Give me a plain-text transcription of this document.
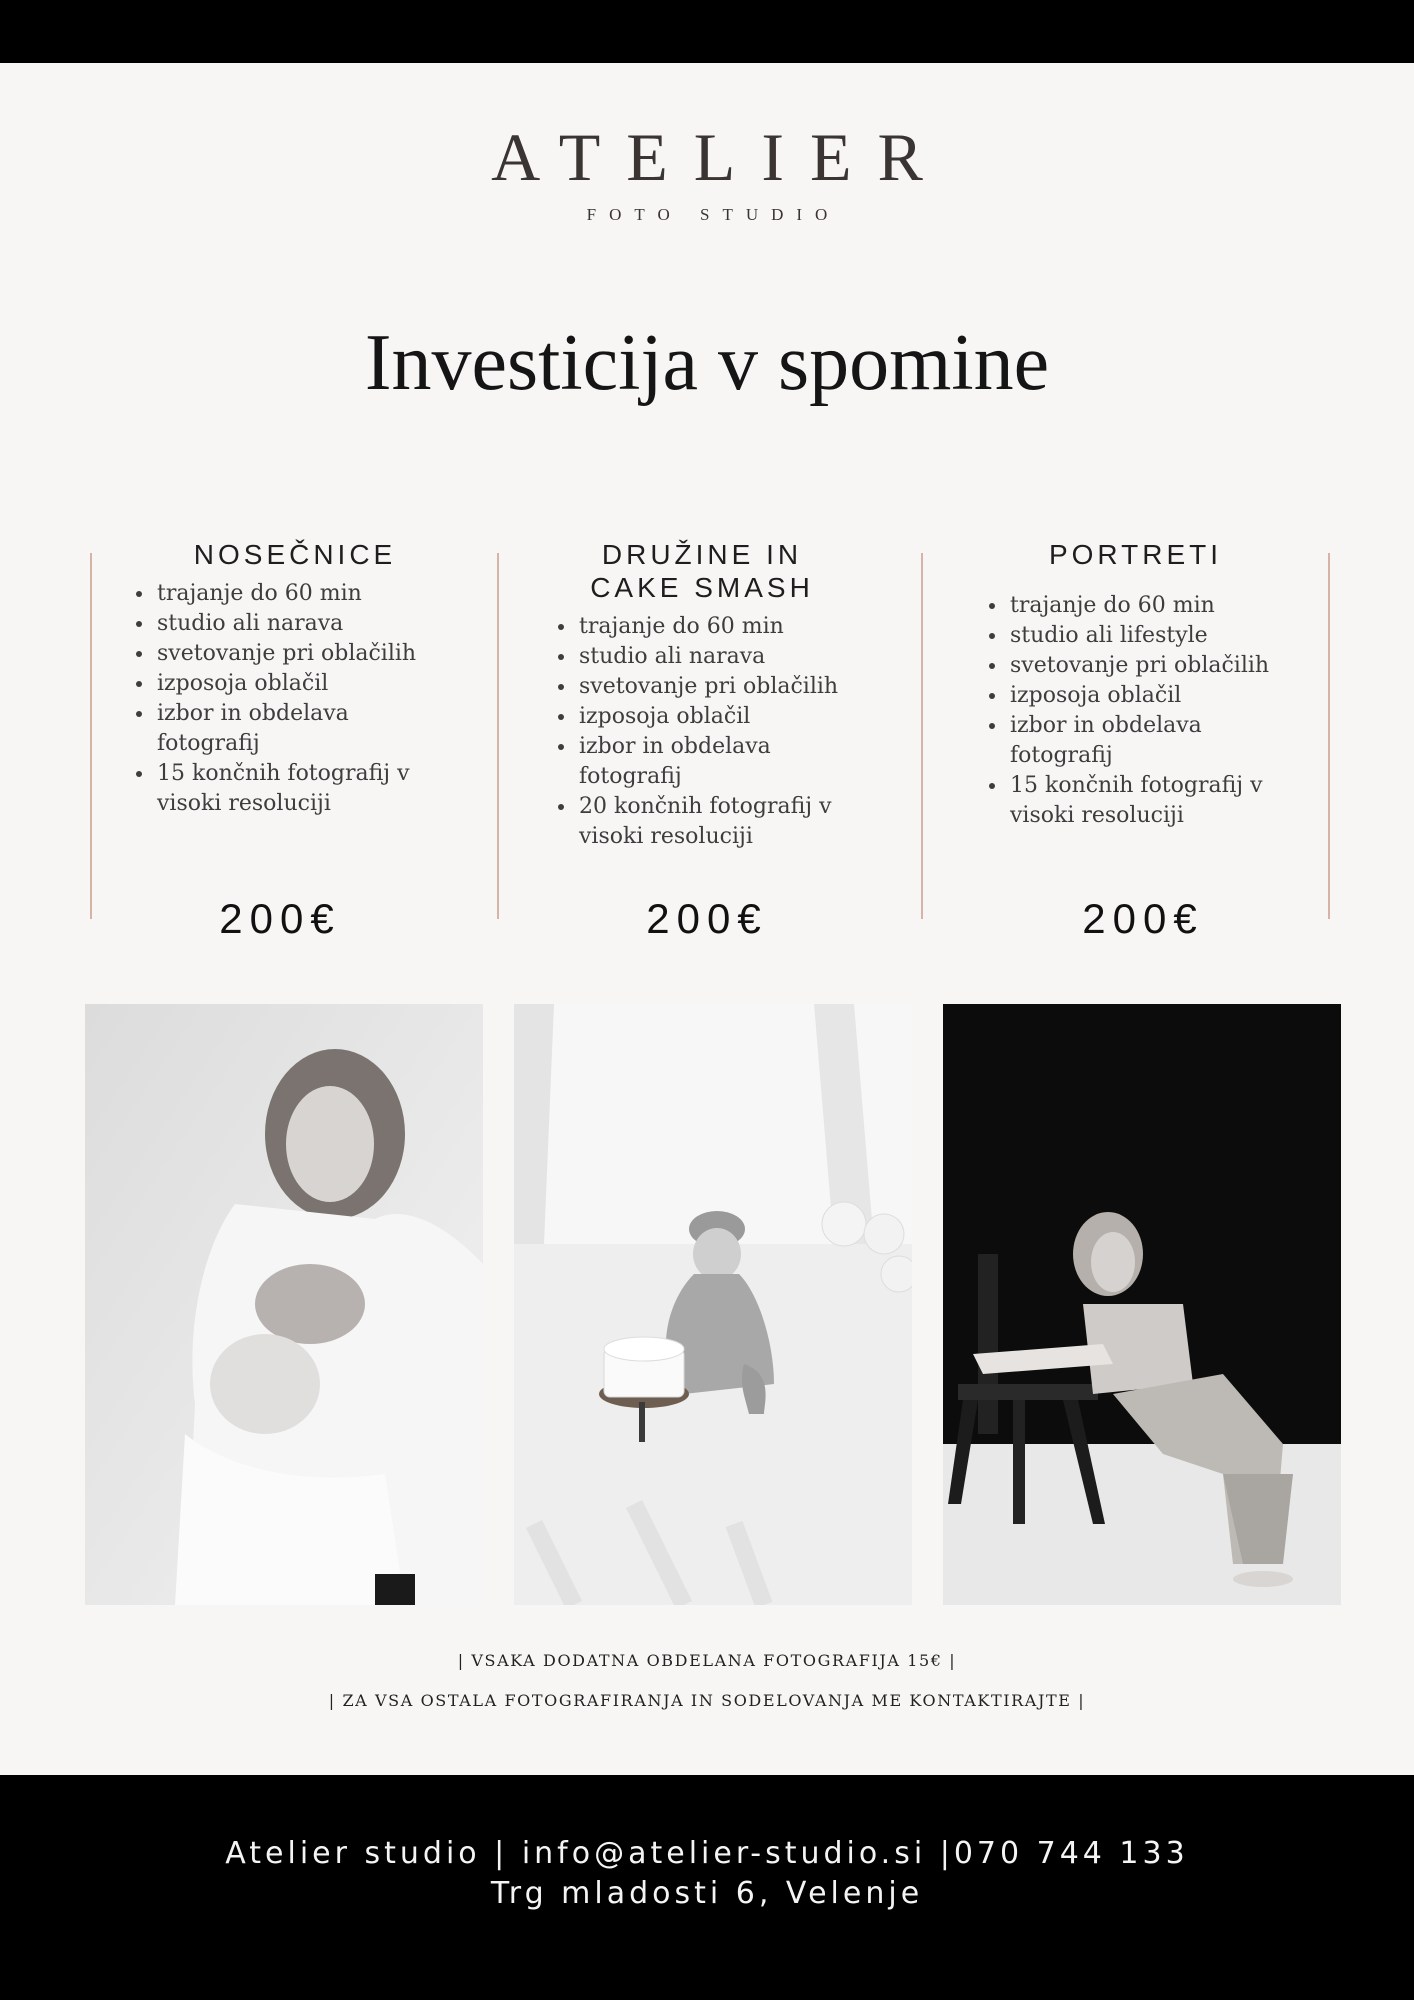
ATELIER
FOTO STUDIO
Investicija v spomine

NOSEČNICE

• trajanje do 60 min
• studio ali narava
• svetovanje pri oblačilih
• izposoja oblačil
• izbor in obdelava fotografij
• 15 končnih fotografij v visoki resoluciji
200€

DRUŽINE IN
CAKE SMASH

• trajanje do 60 min
• studio ali narava
• svetovanje pri oblačilih
• izposoja oblačil
• izbor in obdelava fotografij
• 20 končnih fotografij v visoki resoluciji
200€

PORTRETI

• trajanje do 60 min
• studio ali lifestyle
• svetovanje pri oblačilih
• izposoja oblačil
• izbor in obdelava fotografij
• 15 končnih fotografij v visoki resoluciji
200€
| VSAKA DODATNA OBDELANA FOTOGRAFIJA 15€ |
| ZA VSA OSTALA FOTOGRAFIRANJA IN SODELOVANJA ME KONTAKTIRAJTE |
Atelier studio | info@atelier-studio.si |070 744 133
Trg mladosti 6, Velenje
